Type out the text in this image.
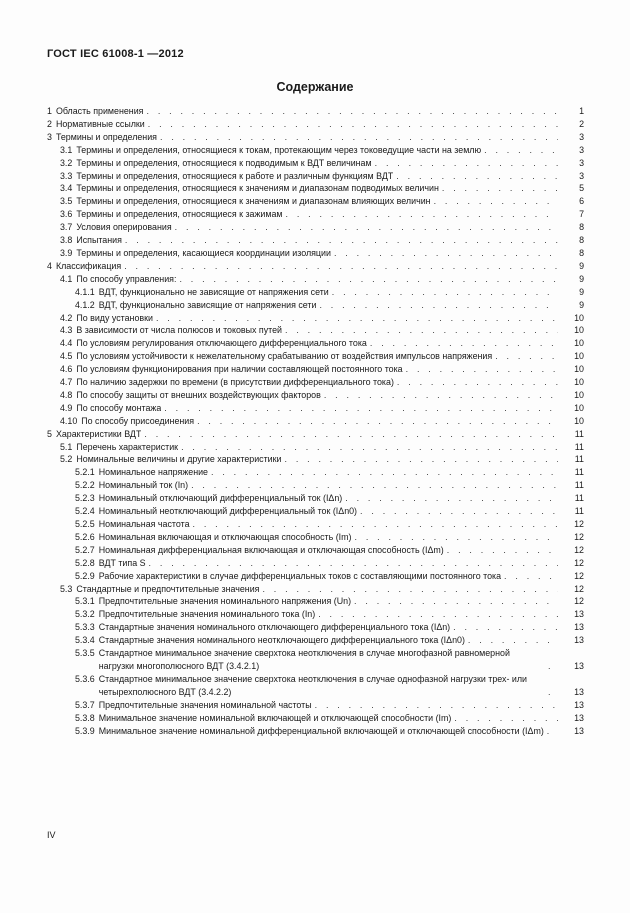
ГОСТ IEC 61008-1 —2012
Содержание
1 Область применения . . .	1
2 Нормативные ссылки . . .	2
3 Термины и определения . . .	3
3.1 Термины и определения, относящиеся к токам, протекающим через токоведущие части на землю . . .	3
3.2 Термины и определения, относящиеся к подводимым к ВДТ величинам . . .	3
3.3 Термины и определения, относящиеся к работе и различным функциям ВДТ . . .	3
3.4 Термины и определения, относящиеся к значениям и диапазонам подводимых величин . . .	5
3.5 Термины и определения, относящиеся к значениям и диапазонам влияющих величин . . .	6
3.6 Термины и определения, относящиеся к зажимам . . .	7
3.7 Условия оперирования . . .	8
3.8 Испытания . . .	8
3.9 Термины и определения, касающиеся координации изоляции . . .	8
4 Классификация . . .	9
4.1 По способу управления: . . .	9
4.1.1 ВДТ, функционально не зависящие от напряжения сети . . .	9
4.1.2 ВДТ, функционально зависящие от напряжения сети . . .	9
4.2 По виду установки . . .	10
4.3 В зависимости от числа полюсов и токовых путей . . .	10
4.4 По условиям регулирования отключающего дифференциального тока . . .	10
4.5 По условиям устойчивости к нежелательному срабатыванию от воздействия импульсов напряжения . . .	10
4.6 По условиям функционирования при наличии составляющей постоянного тока . . .	10
4.7 По наличию задержки по времени (в присутствии дифференциального тока) . . .	10
4.8 По способу защиты от внешних воздействующих факторов . . .	10
4.9 По способу монтажа . . .	10
4.10 По способу присоединения . . .	10
5 Характеристики ВДТ . . .	11
5.1 Перечень характеристик . . .	11
5.2 Номинальные величины и другие характеристики . . .	11
5.2.1 Номинальное напряжение . . .	11
5.2.2 Номинальный ток (In) . . .	11
5.2.3 Номинальный отключающий дифференциальный ток (IΔn) . . .	11
5.2.4 Номинальный неотключающий дифференциальный ток (IΔn0) . . .	11
5.2.5 Номинальная частота . . .	12
5.2.6 Номинальная включающая и отключающая способность (Im) . . .	12
5.2.7 Номинальная дифференциальная включающая и отключающая способность (IΔm) . . .	12
5.2.8 ВДТ типа S . . .	12
5.2.9 Рабочие характеристики в случае дифференциальных токов с составляющими постоянного тока . . .	12
5.3 Стандартные и предпочтительные значения . . .	12
5.3.1 Предпочтительные значения номинального напряжения (Un) . . .	12
5.3.2 Предпочтительные значения номинального тока (In) . . .	13
5.3.3 Стандартные значения номинального отключающего дифференциального тока (IΔn) . . .	13
5.3.4 Стандартные значения номинального неотключающего дифференциального тока (IΔn0) . . .	13
5.3.5 Стандартное минимальное значение сверхтока неотключения в случае многофазной равномерной нагрузки многополюсного ВДТ (3.4.2.1) . . .	13
5.3.6 Стандартное минимальное значение сверхтока неотключения в случае однофазной нагрузки трех- или четырехполюсного ВДТ (3.4.2.2) . . .	13
5.3.7 Предпочтительные значения номинальной частоты . . .	13
5.3.8 Минимальное значение номинальной включающей и отключающей способности (Im) . . .	13
5.3.9 Минимальное значение номинальной дифференциальной включающей и отключающей способности (IΔm) . . .	13
IV
